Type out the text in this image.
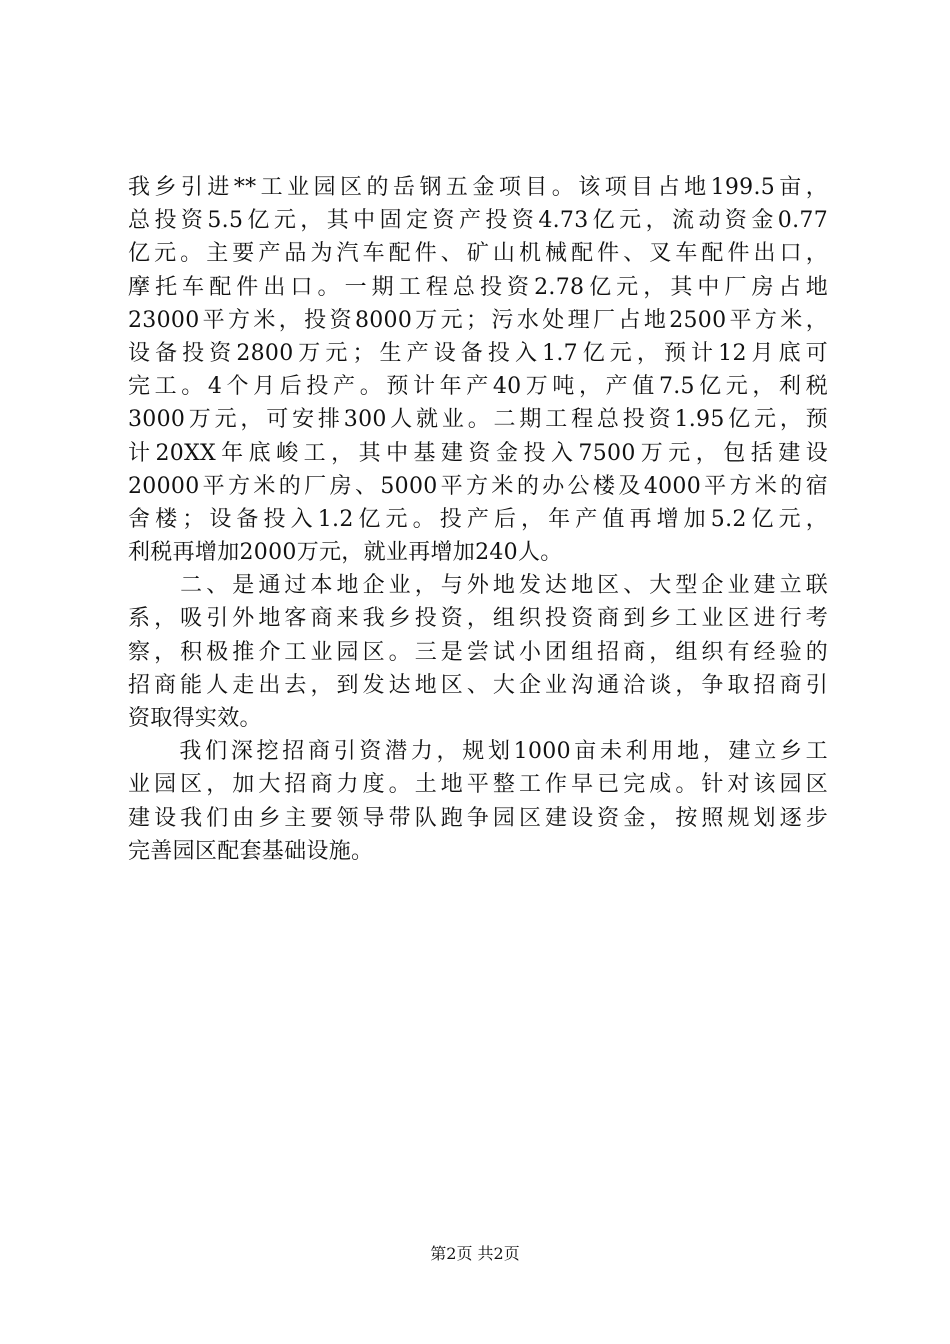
我乡引进**工业园区的岳钢五金项目。该项目占地199.5亩，
总投资5.5亿元，其中固定资产投资4.73亿元，流动资金0.77
亿元。主要产品为汽车配件、矿山机械配件、叉车配件出口，
摩托车配件出口。一期工程总投资2.78亿元，其中厂房占地
23000平方米，投资8000万元；污水处理厂占地2500平方米，
设备投资2800万元；生产设备投入1.7亿元，预计12月底可
完工。4个月后投产。预计年产40万吨，产值7.5亿元，利税
3000万元，可安排300人就业。二期工程总投资1.95亿元，预
计20XX年底峻工，其中基建资金投入7500万元，包括建设
20000平方米的厂房、5000平方米的办公楼及4000平方米的宿
舍楼；设备投入1.2亿元。投产后，年产值再增加5.2亿元，
利税再增加2000万元，就业再增加240人。
　　二、是通过本地企业，与外地发达地区、大型企业建立联
系，吸引外地客商来我乡投资，组织投资商到乡工业区进行考
察，积极推介工业园区。三是尝试小团组招商，组织有经验的
招商能人走出去，到发达地区、大企业沟通洽谈，争取招商引
资取得实效。
　　我们深挖招商引资潜力，规划1000亩未利用地，建立乡工
业园区，加大招商力度。土地平整工作早已完成。针对该园区
建设我们由乡主要领导带队跑争园区建设资金，按照规划逐步
完善园区配套基础设施。
第2页 共2页
